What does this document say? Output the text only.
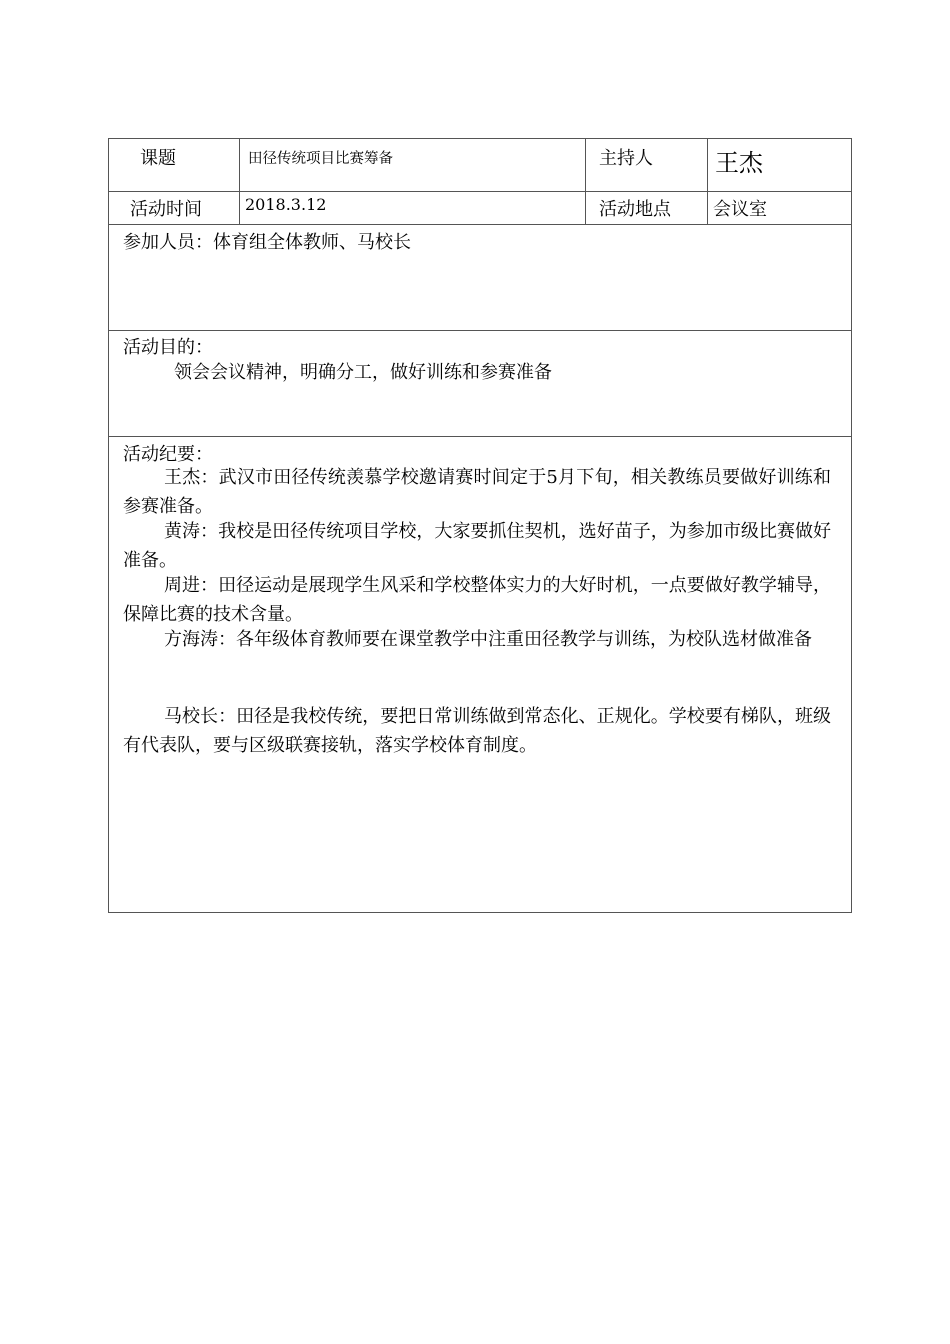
课题	田径传统项目比赛筹备	主持人	王杰
活动时间	2018.3.12	活动地点 会议室
参加人员：体育组全体教师、马校长
活动目的：
领会会议精神，明确分工，做好训练和参赛准备
活动纪要：

王杰：武汉市田径传统羡慕学校邀请赛时间定于5月下旬，相关教练员要做好训练和参赛准备。

黄涛：我校是田径传统项目学校，大家要抓住契机，选好苗子，为参加市级比赛做好准备。

周进：田径运动是展现学生风采和学校整体实力的大好时机，一点要做好教学辅导，保障比赛的技术含量。

方海涛：各年级体育教师要在课堂教学中注重田径教学与训练，为校队选材做准备

马校长：田径是我校传统，要把日常训练做到常态化、正规化。学校要有梯队，班级有代表队，要与区级联赛接轨，落实学校体育制度。
